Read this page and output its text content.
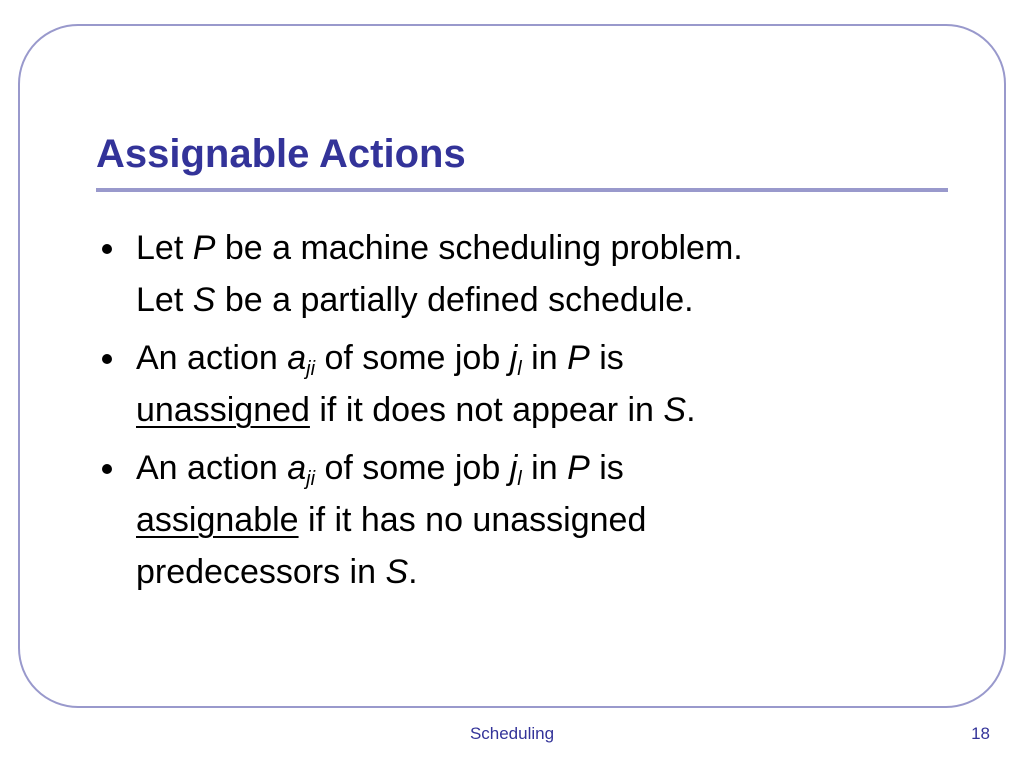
Assignable Actions
Let P be a machine scheduling problem.
Let S be a partially defined schedule.
An action $a_{ji}$ of some job $j_l$ in P is
unassigned if it does not appear in S.
An action $a_{ji}$ of some job $j_l$ in P is
assignable if it has no unassigned
predecessors in S.
Scheduling	18
